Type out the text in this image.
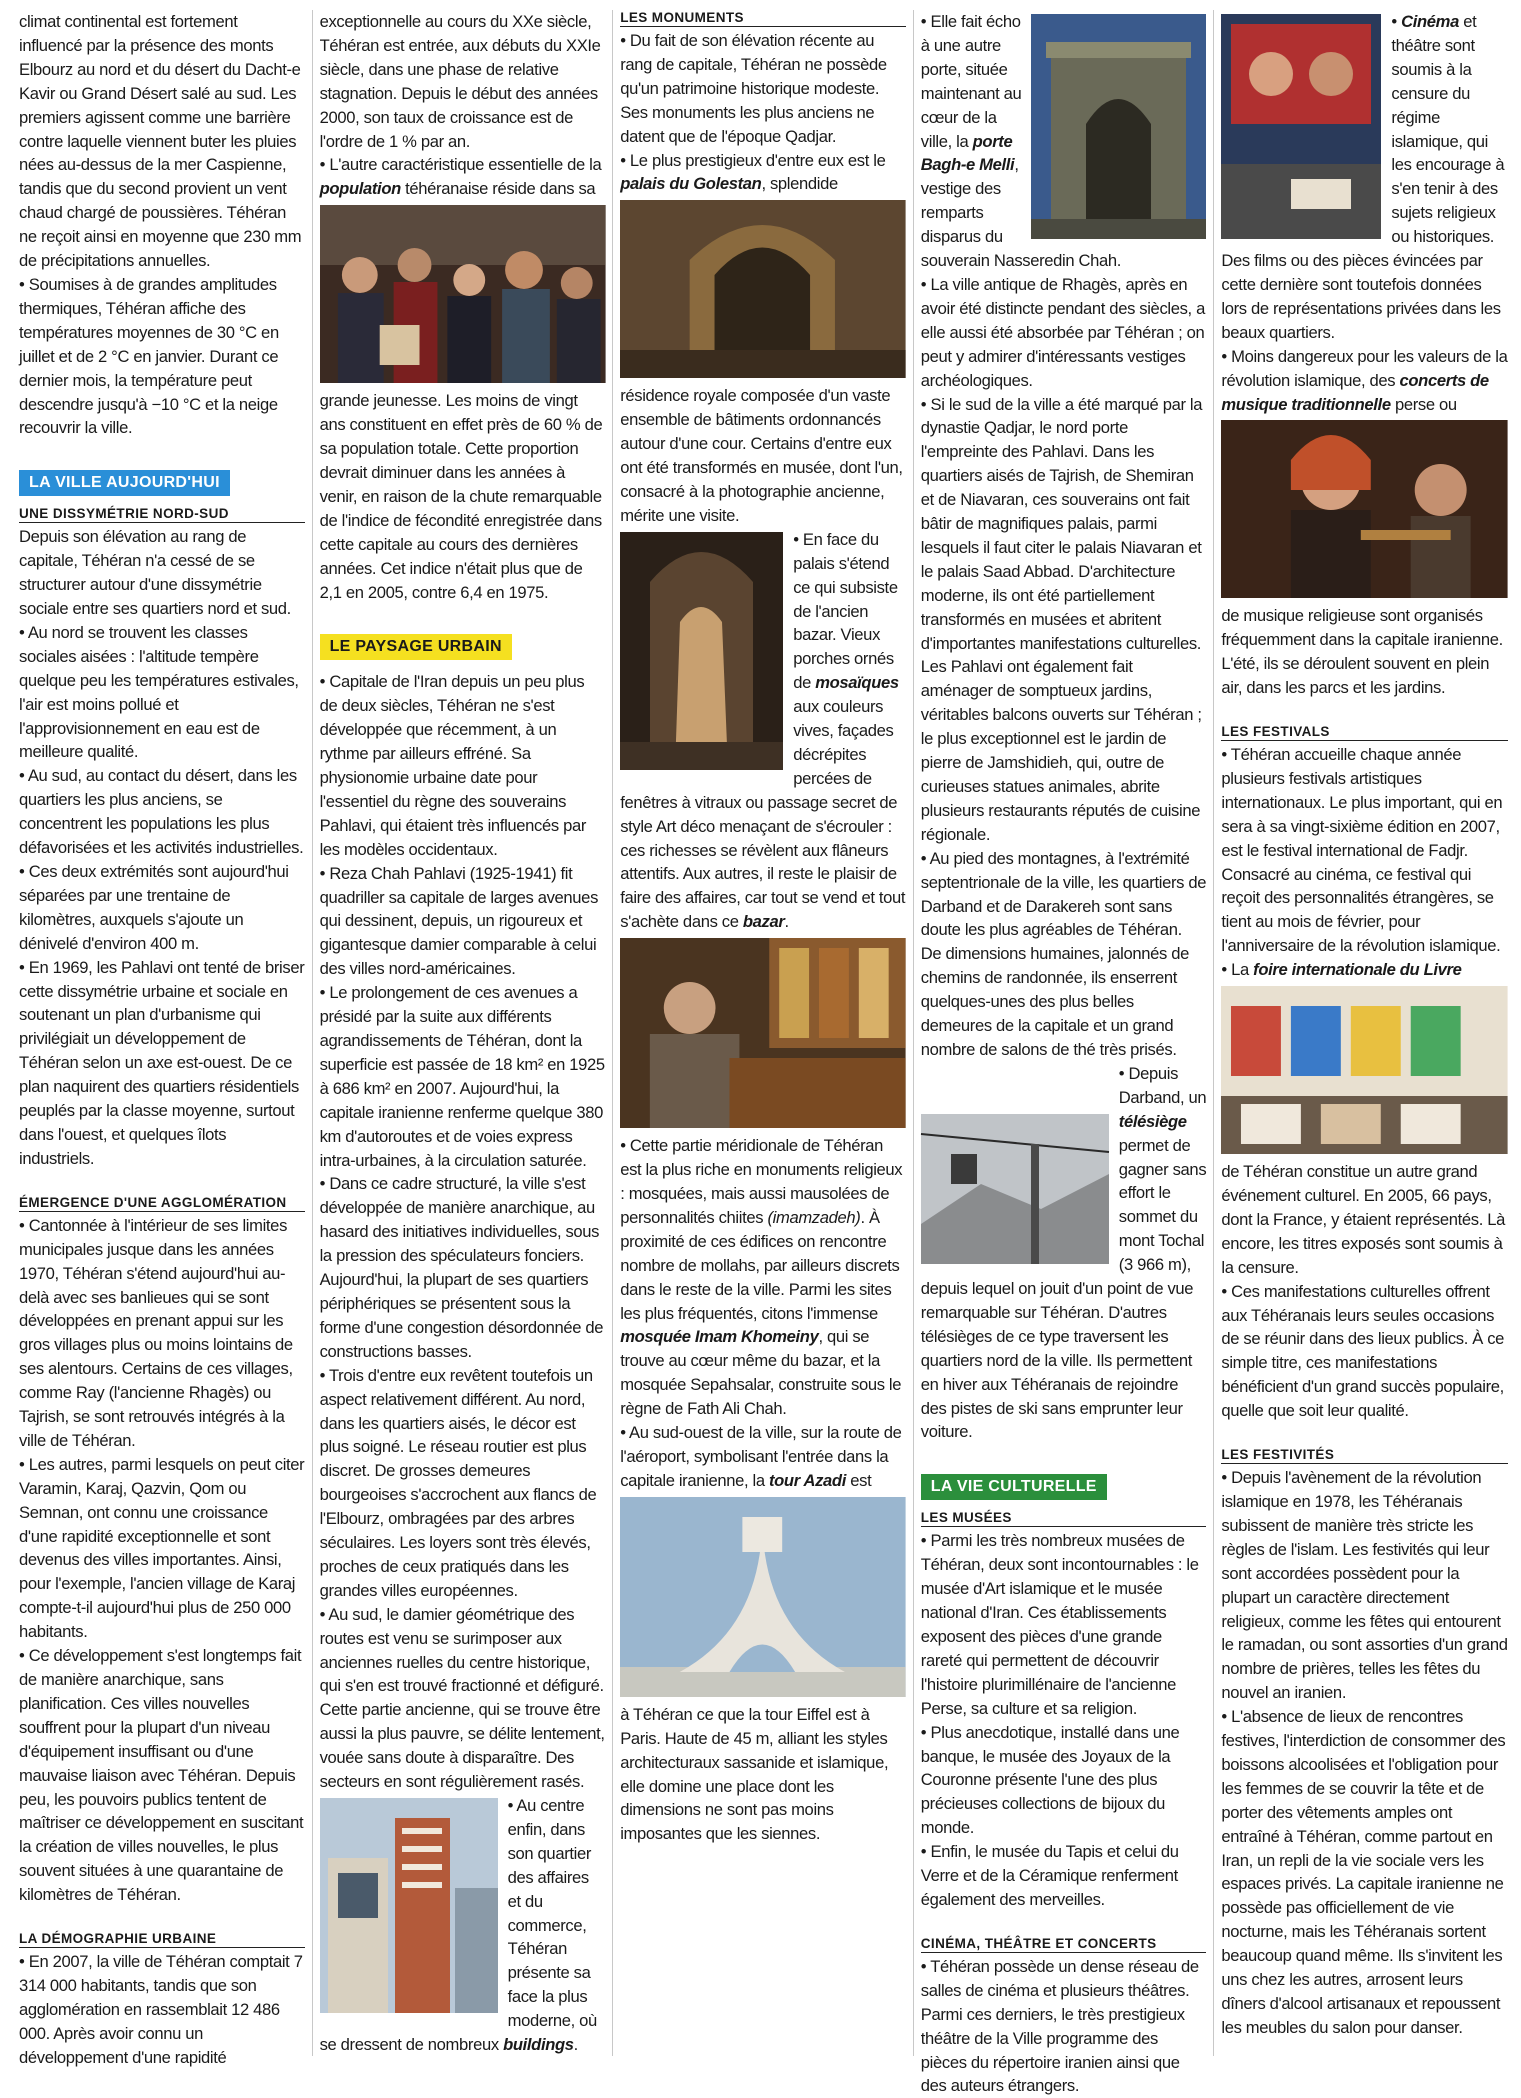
climat continental est fortement influencé par la présence des monts Elbourz au nord et du désert du Dacht-e Kavir ou Grand Désert salé au sud. Les premiers agissent comme une barrière contre laquelle viennent buter les pluies nées au-dessus de la mer Caspienne, tandis que du second provient un vent chaud chargé de poussières. Téhéran ne reçoit ainsi en moyenne que 230 mm de précipitations annuelles.

• Soumises à de grandes amplitudes thermiques, Téhéran affiche des températures moyennes de 30 °C en juillet et de 2 °C en janvier. Durant ce dernier mois, la température peut descendre jusqu'à −10 °C et la neige recouvrir la ville.

LA VILLE AUJOURD'HUI
UNE DISSYMÉTRIE NORD-SUD

Depuis son élévation au rang de capitale, Téhéran n'a cessé de se structurer autour d'une dissymétrie sociale entre ses quartiers nord et sud.

• Au nord se trouvent les classes sociales aisées : l'altitude tempère quelque peu les températures estivales, l'air est moins pollué et l'approvisionnement en eau est de meilleure qualité.

• Au sud, au contact du désert, dans les quartiers les plus anciens, se concentrent les populations les plus défavorisées et les activités industrielles.

• Ces deux extrémités sont aujourd'hui séparées par une trentaine de kilomètres, auxquels s'ajoute un dénivelé d'environ 400 m.

• En 1969, les Pahlavi ont tenté de briser cette dissymétrie urbaine et sociale en soutenant un plan d'urbanisme qui privilégiait un développement de Téhéran selon un axe est-ouest. De ce plan naquirent des quartiers résidentiels peuplés par la classe moyenne, surtout dans l'ouest, et quelques îlots industriels.

ÉMERGENCE D'UNE AGGLOMÉRATION

• Cantonnée à l'intérieur de ses limites municipales jusque dans les années 1970, Téhéran s'étend aujourd'hui au-delà avec ses banlieues qui se sont développées en prenant appui sur les gros villages plus ou moins lointains de ses alentours. Certains de ces villages, comme Ray (l'ancienne Rhagès) ou Tajrish, se sont retrouvés intégrés à la ville de Téhéran.

• Les autres, parmi lesquels on peut citer Varamin, Karaj, Qazvin, Qom ou Semnan, ont connu une croissance d'une rapidité exceptionnelle et sont devenus des villes importantes. Ainsi, pour l'exemple, l'ancien village de Karaj compte-t-il aujourd'hui plus de 250 000 habitants.

• Ce développement s'est longtemps fait de manière anarchique, sans planification. Ces villes nouvelles souffrent pour la plupart d'un niveau d'équipement insuffisant ou d'une mauvaise liaison avec Téhéran. Depuis peu, les pouvoirs publics tentent de maîtriser ce développement en suscitant la création de villes nouvelles, le plus souvent situées à une quarantaine de kilomètres de Téhéran.

LA DÉMOGRAPHIE URBAINE

• En 2007, la ville de Téhéran comptait 7 314 000 habitants, tandis que son agglomération en rassemblait 12 486 000. Après avoir connu un développement d'une rapidité

exceptionnelle au cours du XXe siècle, Téhéran est entrée, aux débuts du XXIe siècle, dans une phase de relative stagnation. Depuis le début des années 2000, son taux de croissance est de l'ordre de 1 % par an.

• L'autre caractéristique essentielle de la population téhéranaise réside dans sa

grande jeunesse. Les moins de vingt ans constituent en effet près de 60 % de sa population totale. Cette proportion devrait diminuer dans les années à venir, en raison de la chute remarquable de l'indice de fécondité enregistrée dans cette capitale au cours des dernières années. Cet indice n'était plus que de 2,1 en 2005, contre 6,4 en 1975.

LE PAYSAGE URBAIN

• Capitale de l'Iran depuis un peu plus de deux siècles, Téhéran ne s'est développée que récemment, à un rythme par ailleurs effréné. Sa physionomie urbaine date pour l'essentiel du règne des souverains Pahlavi, qui étaient très influencés par les modèles occidentaux.

• Reza Chah Pahlavi (1925-1941) fit quadriller sa capitale de larges avenues qui dessinent, depuis, un rigoureux et gigantesque damier comparable à celui des villes nord-américaines.

• Le prolongement de ces avenues a présidé par la suite aux différents agrandissements de Téhéran, dont la superficie est passée de 18 km² en 1925 à 686 km² en 2007. Aujourd'hui, la capitale iranienne renferme quelque 380 km d'autoroutes et de voies express intra-urbaines, à la circulation saturée.

• Dans ce cadre structuré, la ville s'est développée de manière anarchique, au hasard des initiatives individuelles, sous la pression des spéculateurs fonciers. Aujourd'hui, la plupart de ses quartiers périphériques se présentent sous la forme d'une congestion désordonnée de constructions basses.

• Trois d'entre eux revêtent toutefois un aspect relativement différent. Au nord, dans les quartiers aisés, le décor est plus soigné. Le réseau routier est plus discret. De grosses demeures bourgeoises s'accrochent aux flancs de l'Elbourz, ombragées par des arbres séculaires. Les loyers sont très élevés, proches de ceux pratiqués dans les grandes villes européennes.

• Au sud, le damier géométrique des routes est venu se surimposer aux anciennes ruelles du centre historique, qui s'en est trouvé fractionné et défiguré. Cette partie ancienne, qui se trouve être aussi la plus pauvre, se délite lentement, vouée sans doute à disparaître. Des secteurs en sont régulièrement rasés.

• Au centre enfin, dans son quartier des affaires et du commerce, Téhéran présente sa face la plus moderne, où se dressent de nombreux buildings.

LES MONUMENTS

• Du fait de son élévation récente au rang de capitale, Téhéran ne possède qu'un patrimoine historique modeste. Ses monuments les plus anciens ne datent que de l'époque Qadjar.

• Le plus prestigieux d'entre eux est le palais du Golestan, splendide

résidence royale composée d'un vaste ensemble de bâtiments ordonnancés autour d'une cour. Certains d'entre eux ont été transformés en musée, dont l'un, consacré à la photographie ancienne, mérite une visite.

• En face du palais s'étend ce qui subsiste de l'ancien bazar. Vieux porches ornés de mosaïques aux couleurs vives, façades décrépites percées de fenêtres à vitraux ou passage secret de style Art déco menaçant de s'écrouler : ces richesses se révèlent aux flâneurs attentifs. Aux autres, il reste le plaisir de faire des affaires, car tout se vend et tout s'achète dans ce bazar.

• Cette partie méridionale de Téhéran est la plus riche en monuments religieux : mosquées, mais aussi mausolées de personnalités chiites (imamzadeh). À proximité de ces édifices on rencontre nombre de mollahs, par ailleurs discrets dans le reste de la ville. Parmi les sites les plus fréquentés, citons l'immense mosquée Imam Khomeiny, qui se trouve au cœur même du bazar, et la mosquée Sepahsalar, construite sous le règne de Fath Ali Chah.

• Au sud-ouest de la ville, sur la route de l'aéroport, symbolisant l'entrée dans la capitale iranienne, la tour Azadi est

à Téhéran ce que la tour Eiffel est à Paris. Haute de 45 m, alliant les styles architecturaux sassanide et islamique, elle domine une place dont les dimensions ne sont pas moins imposantes que les siennes.

• Elle fait écho à une autre porte, située maintenant au cœur de la ville, la porte Bagh-e Melli, vestige des remparts disparus du souverain Nasseredin Chah.

• La ville antique de Rhagès, après en avoir été distincte pendant des siècles, a elle aussi été absorbée par Téhéran ; on peut y admirer d'intéressants vestiges archéologiques.

• Si le sud de la ville a été marqué par la dynastie Qadjar, le nord porte l'empreinte des Pahlavi. Dans les quartiers aisés de Tajrish, de Shemiran et de Niavaran, ces souverains ont fait bâtir de magnifiques palais, parmi lesquels il faut citer le palais Niavaran et le palais Saad Abbad. D'architecture moderne, ils ont été partiellement transformés en musées et abritent d'importantes manifestations culturelles. Les Pahlavi ont également fait aménager de somptueux jardins, véritables balcons ouverts sur Téhéran ; le plus exceptionnel est le jardin de pierre de Jamshidieh, qui, outre de curieuses statues animales, abrite plusieurs restaurants réputés de cuisine régionale.

• Au pied des montagnes, à l'extrémité septentrionale de la ville, les quartiers de Darband et de Darakereh sont sans doute les plus agréables de Téhéran. De dimensions humaines, jalonnés de chemins de randonnée, ils enserrent quelques-unes des plus belles demeures de la capitale et un grand nombre de salons de thé très prisés.

• Depuis Darband, un télésiège permet de gagner sans effort le sommet du mont Tochal (3 966 m), depuis lequel on jouit d'un point de vue remarquable sur Téhéran. D'autres télésièges de ce type traversent les quartiers nord de la ville. Ils permettent en hiver aux Téhéranais de rejoindre des pistes de ski sans emprunter leur voiture.

LA VIE CULTURELLE
LES MUSÉES

• Parmi les très nombreux musées de Téhéran, deux sont incontournables : le musée d'Art islamique et le musée national d'Iran. Ces établissements exposent des pièces d'une grande rareté qui permettent de découvrir l'histoire plurimillénaire de l'ancienne Perse, sa culture et sa religion.

• Plus anecdotique, installé dans une banque, le musée des Joyaux de la Couronne présente l'une des plus précieuses collections de bijoux du monde.

• Enfin, le musée du Tapis et celui du Verre et de la Céramique renferment également des merveilles.

CINÉMA, THÉÂTRE ET CONCERTS

• Téhéran possède un dense réseau de salles de cinéma et plusieurs théâtres. Parmi ces derniers, le très prestigieux théâtre de la Ville programme des pièces du répertoire iranien ainsi que des auteurs étrangers.

• Cinéma et théâtre sont soumis à la censure du régime islamique, qui les encourage à s'en tenir à des sujets religieux ou historiques. Des films ou des pièces évincées par cette dernière sont toutefois données lors de représentations privées dans les beaux quartiers.

• Moins dangereux pour les valeurs de la révolution islamique, des concerts de musique traditionnelle perse ou

de musique religieuse sont organisés fréquemment dans la capitale iranienne. L'été, ils se déroulent souvent en plein air, dans les parcs et les jardins.

LES FESTIVALS

• Téhéran accueille chaque année plusieurs festivals artistiques internationaux. Le plus important, qui en sera à sa vingt-sixième édition en 2007, est le festival international de Fadjr. Consacré au cinéma, ce festival qui reçoit des personnalités étrangères, se tient au mois de février, pour l'anniversaire de la révolution islamique.

• La foire internationale du Livre

de Téhéran constitue un autre grand événement culturel. En 2005, 66 pays, dont la France, y étaient représentés. Là encore, les titres exposés sont soumis à la censure.

• Ces manifestations culturelles offrent aux Téhéranais leurs seules occasions de se réunir dans des lieux publics. À ce simple titre, ces manifestations bénéficient d'un grand succès populaire, quelle que soit leur qualité.

LES FESTIVITÉS

• Depuis l'avènement de la révolution islamique en 1978, les Téhéranais subissent de manière très stricte les règles de l'islam. Les festivités qui leur sont accordées possèdent pour la plupart un caractère directement religieux, comme les fêtes qui entourent le ramadan, ou sont assorties d'un grand nombre de prières, telles les fêtes du nouvel an iranien.

• L'absence de lieux de rencontres festives, l'interdiction de consommer des boissons alcoolisées et l'obligation pour les femmes de se couvrir la tête et de porter des vêtements amples ont entraîné à Téhéran, comme partout en Iran, un repli de la vie sociale vers les espaces privés. La capitale iranienne ne possède pas officiellement de vie nocturne, mais les Téhéranais sortent beaucoup quand même. Ils s'invitent les uns chez les autres, arrosent leurs dîners d'alcool artisanaux et repoussent les meubles du salon pour danser.
